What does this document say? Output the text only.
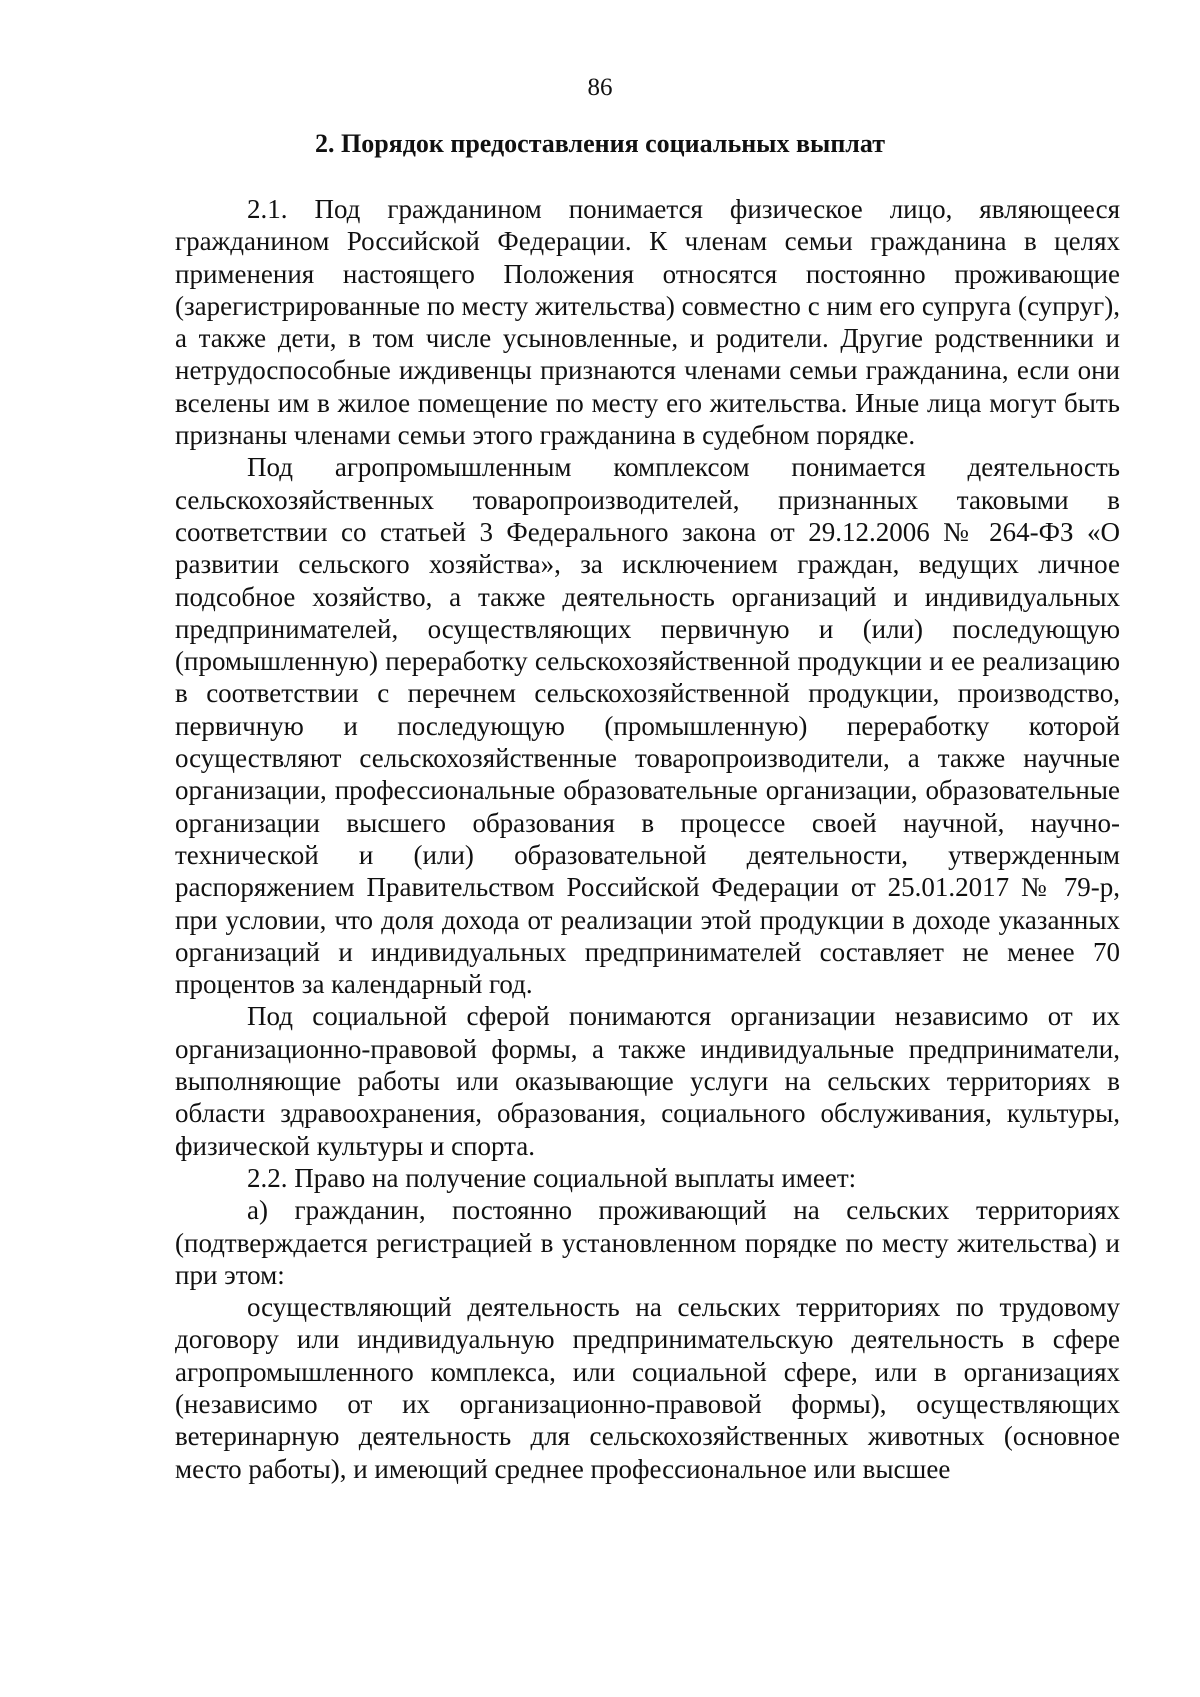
86
2. Порядок предоставления социальных выплат

2.1. Под гражданином понимается физическое лицо, являющееся гражданином Российской Федерации. К членам семьи гражданина в целях применения настоящего Положения относятся постоянно проживающие (зарегистрированные по месту жительства) совместно с ним его супруга (супруг), а также дети, в том числе усыновленные, и родители. Другие родственники и нетрудоспособные иждивенцы признаются членами семьи гражданина, если они вселены им в жилое помещение по месту его жительства. Иные лица могут быть признаны членами семьи этого гражданина в судебном порядке.

Под агропромышленным комплексом понимается деятельность сельскохозяйственных товаропроизводителей, признанных таковыми в соответствии со статьей 3 Федерального закона от 29.12.2006 № 264-ФЗ «О развитии сельского хозяйства», за исключением граждан, ведущих личное подсобное хозяйство, а также деятельность организаций и индивидуальных предпринимателей, осуществляющих первичную и (или) последующую (промышленную) переработку сельскохозяйственной продукции и ее реализацию в соответствии с перечнем сельскохозяйственной продукции, производство, первичную и последующую (промышленную) переработку которой осуществляют сельскохозяйственные товаропроизводители, а также научные организации, профессиональные образовательные организации, образовательные организации высшего образования в процессе своей научной, научно-технической и (или) образовательной деятельности, утвержденным распоряжением Правительством Российской Федерации от 25.01.2017 № 79-р, при условии, что доля дохода от реализации этой продукции в доходе указанных организаций и индивидуальных предпринимателей составляет не менее 70 процентов за календарный год.

Под социальной сферой понимаются организации независимо от их организационно-правовой формы, а также индивидуальные предприниматели, выполняющие работы или оказывающие услуги на сельских территориях в области здравоохранения, образования, социального обслуживания, культуры, физической культуры и спорта.

2.2. Право на получение социальной выплаты имеет:

а) гражданин, постоянно проживающий на сельских территориях (подтверждается регистрацией в установленном порядке по месту жительства) и при этом:

осуществляющий деятельность на сельских территориях по трудовому договору или индивидуальную предпринимательскую деятельность в сфере агропромышленного комплекса, или социальной сфере, или в организациях (независимо от их организационно-правовой формы), осуществляющих ветеринарную деятельность для сельскохозяйственных животных (основное место работы), и имеющий среднее профессиональное или высшее
